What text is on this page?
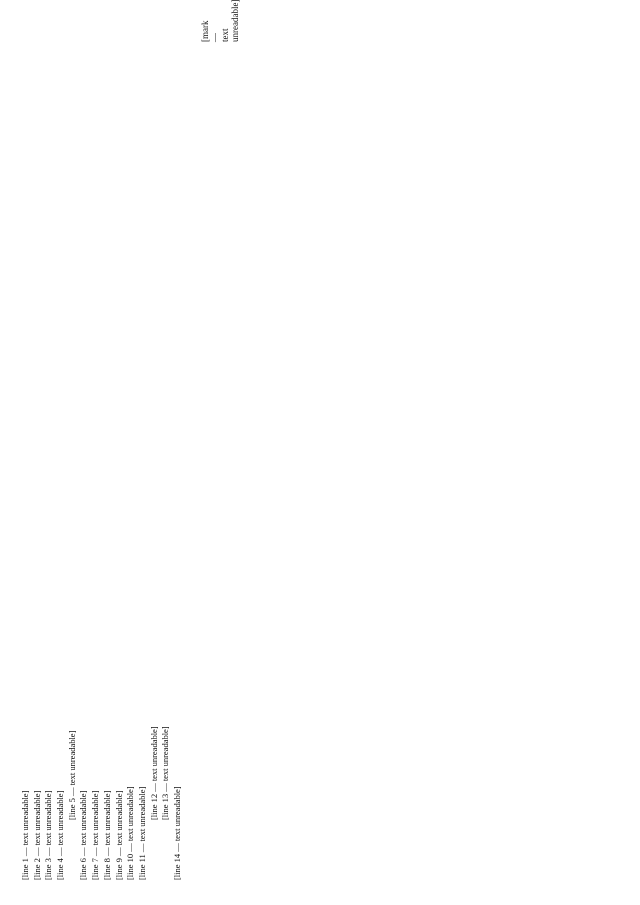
[line 1 — text unreadable] [line 2 — text unreadable] [line 3 — text unreadable] [line 4 — text unreadable]
[line 5 — text unreadable]
[line 6 — text unreadable] [line 7 — text unreadable] [line 8 — text unreadable] [line 9 — text unreadable] [line 10 — text unreadable] [line 11 — text unreadable]
[line 12 — text unreadable] [line 13 — text unreadable]
[line 14 — text unreadable]
[mark — text unreadable]
